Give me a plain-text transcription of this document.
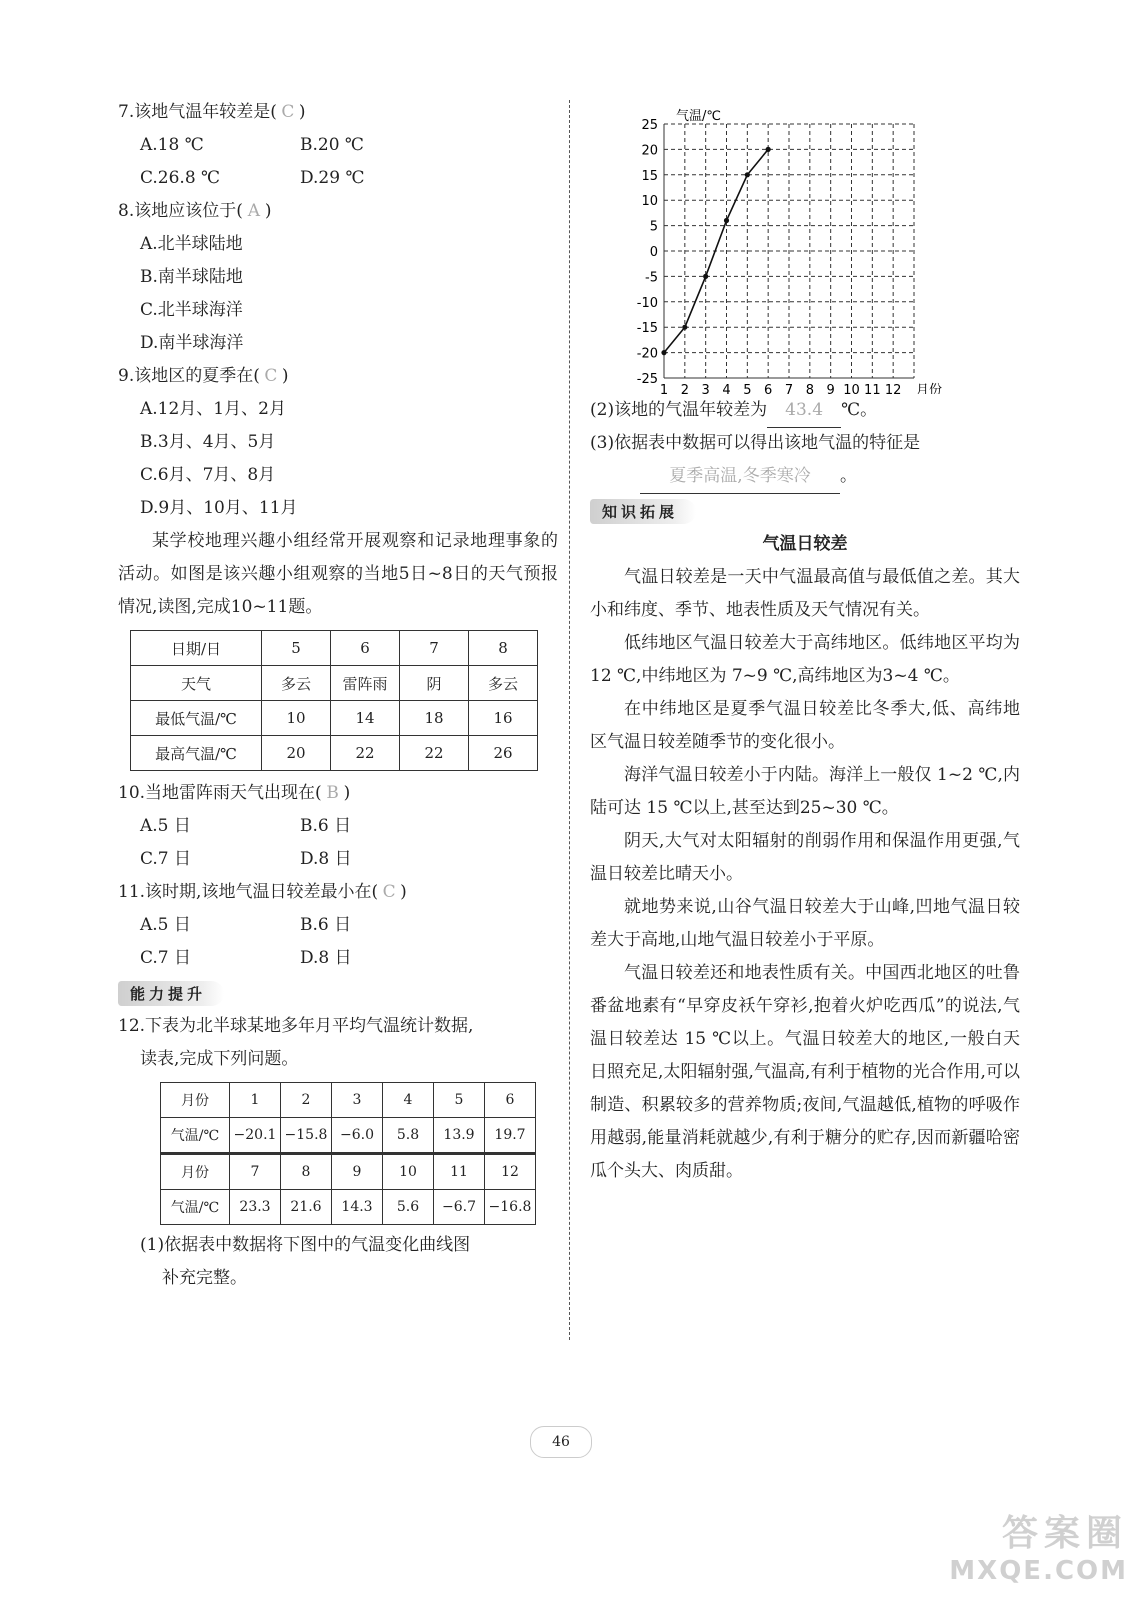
7.该地气温年较差是( C )
A.18 ℃	B.20 ℃
C.26.8 ℃	D.29 ℃
8.该地应该位于( A )
A.北半球陆地
B.南半球陆地
C.北半球海洋
D.南半球海洋
9.该地区的夏季在( C )
A.12月、1月、2月
B.3月、4月、5月
C.6月、7月、8月
D.9月、10月、11月
某学校地理兴趣小组经常开展观察和记录地理事象的活动。如图是该兴趣小组观察的当地5日~8日的天气预报情况,读图,完成10~11题。
日期/日	5	6	7	8
天气	多云	雷阵雨	阴	多云
最低气温/℃	10	14	18	16
最高气温/℃	20	22	22	26
10.当地雷阵雨天气出现在( B )
A.5 日	B.6 日
C.7 日	D.8 日
11.该时期,该地气温日较差最小在( C )
A.5 日	B.6 日
C.7 日	D.8 日
能力提升
12.下表为北半球某地多年月平均气温统计数据,
读表,完成下列问题。
月份	1	2	3	4	5	6
气温/℃	−20.1	−15.8	−6.0	5.8	13.9	19.7
月份	7	8	9	10	11	12
气温/℃	23.3	21.6	14.3	5.6	−6.7	−16.8
(1)依据表中数据将下图中的气温变化曲线图
补充完整。
25
20
15
10
5
0
-5
-10
-15
-20
-25
1 2 3 4 5 6 7 8 9 10 11 12 月份
气温/℃
(2)该地的气温年较差为 43.4 ℃。
(3)依据表中数据可以得出该地气温的特征是
夏季高温,冬季寒冷 。
知识拓展
气温日较差
气温日较差是一天中气温最高值与最低值之差。其大小和纬度、季节、地表性质及天气情况有关。
低纬地区气温日较差大于高纬地区。低纬地区平均为 12 ℃,中纬地区为 7~9 ℃,高纬地区为3~4 ℃。
在中纬地区是夏季气温日较差比冬季大,低、高纬地区气温日较差随季节的变化很小。
海洋气温日较差小于内陆。海洋上一般仅 1~2 ℃,内陆可达 15 ℃以上,甚至达到25~30 ℃。
阴天,大气对太阳辐射的削弱作用和保温作用更强,气温日较差比晴天小。
就地势来说,山谷气温日较差大于山峰,凹地气温日较差大于高地,山地气温日较差小于平原。
气温日较差还和地表性质有关。中国西北地区的吐鲁番盆地素有“早穿皮袄午穿衫,抱着火炉吃西瓜”的说法,气温日较差达 15 ℃以上。气温日较差大的地区,一般白天日照充足,太阳辐射强,气温高,有利于植物的光合作用,可以制造、积累较多的营养物质;夜间,气温越低,植物的呼吸作用越弱,能量消耗就越少,有利于糖分的贮存,因而新疆哈密瓜个头大、肉质甜。
46
答案圈
MXQE.COM
